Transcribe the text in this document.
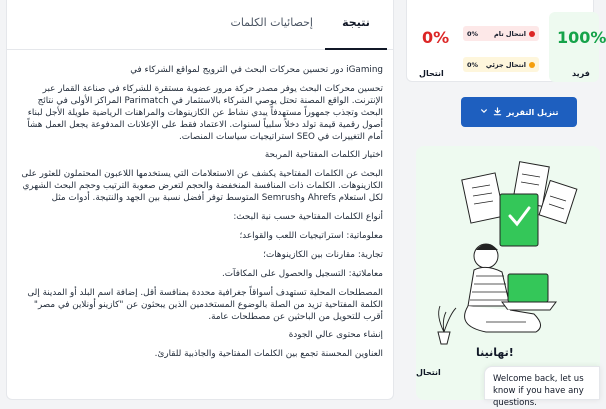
إحصائيات الكلمات	نتيجة

iGaming دور تحسين محركات البحث في الترويج لمواقع الشركاء في

تحسين محركات البحث يوفر مصدر حركة مرور عضوية مستقرة للشركاء في صناعة القمار عبر الإنترنت. الواقع المصنة تحتل يوصي الشركاء بالاستثمار في Parimatch المراكز الأولى في نتائج البحث وتجذب جمهوراً مستهدفاً يبدي نشاط عن الكازينوهات والمراهنات الرياضية طويلة الأجل لبناء أصول رقمية قيمة تولد دخلاً سلبياً لسنوات. الاعتماد فقط على الإعلانات المدفوعة يجعل العمل هشاً أمام التغييرات في SEO استراتيجيات سياسات المنصات.

اختيار الكلمات المفتاحية المربحة

البحث عن الكلمات المفتاحية يكشف عن الاستعلامات التي يستخدمها اللاعبون المحتملون للعثور على الكازينوهات. الكلمات ذات المنافسة المنخفضة والحجم لتعرض صعوبة الترتيب وحجم البحث الشهري لكل استعلام Ahrefs وSemrush المتوسط توفر أفضل نسبة بين الجهد والنتيجة. أدوات مثل

أنواع الكلمات المفتاحية حسب نية البحث:

معلوماتية: استراتيجيات اللعب والقواعد؛

تجارية: مقارنات بين الكازينوهات؛

معاملاتية: التسجيل والحصول على المكافآت.

المصطلحات المحلية تستهدف أسواقاً جغرافية محددة بمنافسة أقل. إضافة اسم البلد أو المدينة إلى الكلمة المفتاحية تزيد من الصلة بالوضوع المستخدمين الذين يبحثون عن "كازينو أونلاين في مصر" أقرب للتحويل من الباحثين عن مصطلحات عامة.

إنشاء محتوى عالي الجودة

العناوين المحسنة تجمع بين الكلمات المفتاحية والجاذبية للقارئ.

100%
فريد
0%
انتحال
انتحال تام
0%
انتحال جزئي
0%
تنزيل التقرير
!تهانينا
انتحال
Welcome back, let us know if you have any questions.
